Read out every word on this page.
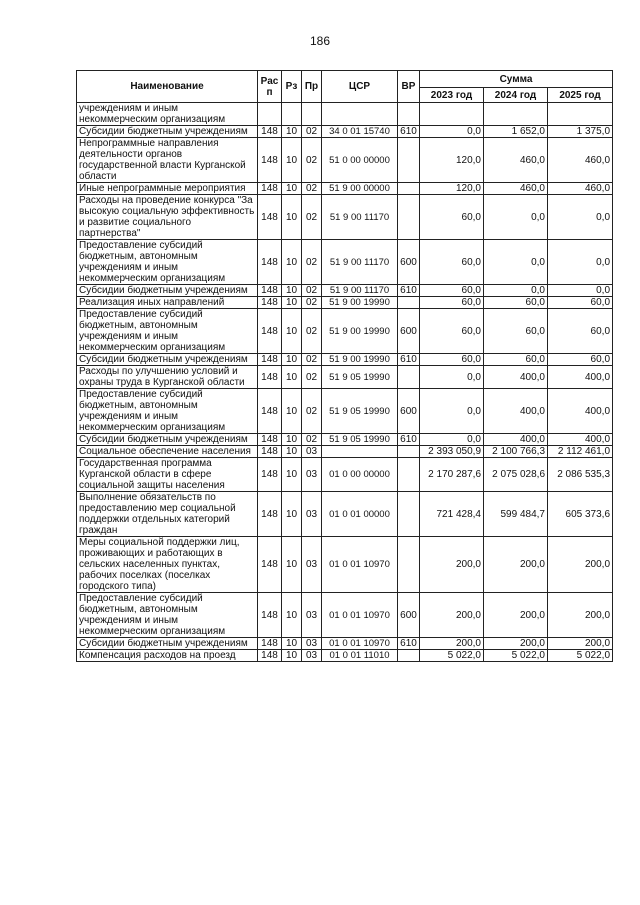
186
Наименование	Рас п	Рз	Пр	ЦСР	ВР	Сумма		
						2023 год	2024 год	2025 год
учреждениям и иным некоммерческим организациям								
Субсидии бюджетным учреждениям	148	10	02	34 0 01 15740	610	0,0	1 652,0	1 375,0
Непрограммные направления деятельности органов государственной власти Курганской области	148	10	02	51 0 00 00000		120,0	460,0	460,0
Иные непрограммные мероприятия	148	10	02	51 9 00 00000		120,0	460,0	460,0
Расходы на проведение конкурса "За высокую социальную эффективность и развитие социального партнерства"	148	10	02	51 9 00 11170		60,0	0,0	0,0
Предоставление субсидий бюджетным, автономным учреждениям и иным некоммерческим организациям	148	10	02	51 9 00 11170	600	60,0	0,0	0,0
Субсидии бюджетным учреждениям	148	10	02	51 9 00 11170	610	60,0	0,0	0,0
Реализация иных направлений	148	10	02	51 9 00 19990		60,0	60,0	60,0
Предоставление субсидий бюджетным, автономным учреждениям и иным некоммерческим организациям	148	10	02	51 9 00 19990	600	60,0	60,0	60,0
Субсидии бюджетным учреждениям	148	10	02	51 9 00 19990	610	60,0	60,0	60,0
Расходы по улучшению условий и охраны труда в Курганской области	148	10	02	51 9 05 19990		0,0	400,0	400,0
Предоставление субсидий бюджетным, автономным учреждениям и иным некоммерческим организациям	148	10	02	51 9 05 19990	600	0,0	400,0	400,0
Субсидии бюджетным учреждениям	148	10	02	51 9 05 19990	610	0,0	400,0	400,0
Социальное обеспечение населения	148	10	03			2 393 050,9	2 100 766,3	2 112 461,0
Государственная программа Курганской области в сфере социальной защиты населения	148	10	03	01 0 00 00000		2 170 287,6	2 075 028,6	2 086 535,3
Выполнение обязательств по предоставлению мер социальной поддержки отдельных категорий граждан	148	10	03	01 0 01 00000		721 428,4	599 484,7	605 373,6
Меры социальной поддержки лиц, проживающих и работающих в сельских населенных пунктах, рабочих поселках (поселках городского типа)	148	10	03	01 0 01 10970		200,0	200,0	200,0
Предоставление субсидий бюджетным, автономным учреждениям и иным некоммерческим организациям	148	10	03	01 0 01 10970	600	200,0	200,0	200,0
Субсидии бюджетным учреждениям	148	10	03	01 0 01 10970	610	200,0	200,0	200,0
Компенсация расходов на проезд	148	10	03	01 0 01 11010		5 022,0	5 022,0	5 022,0
